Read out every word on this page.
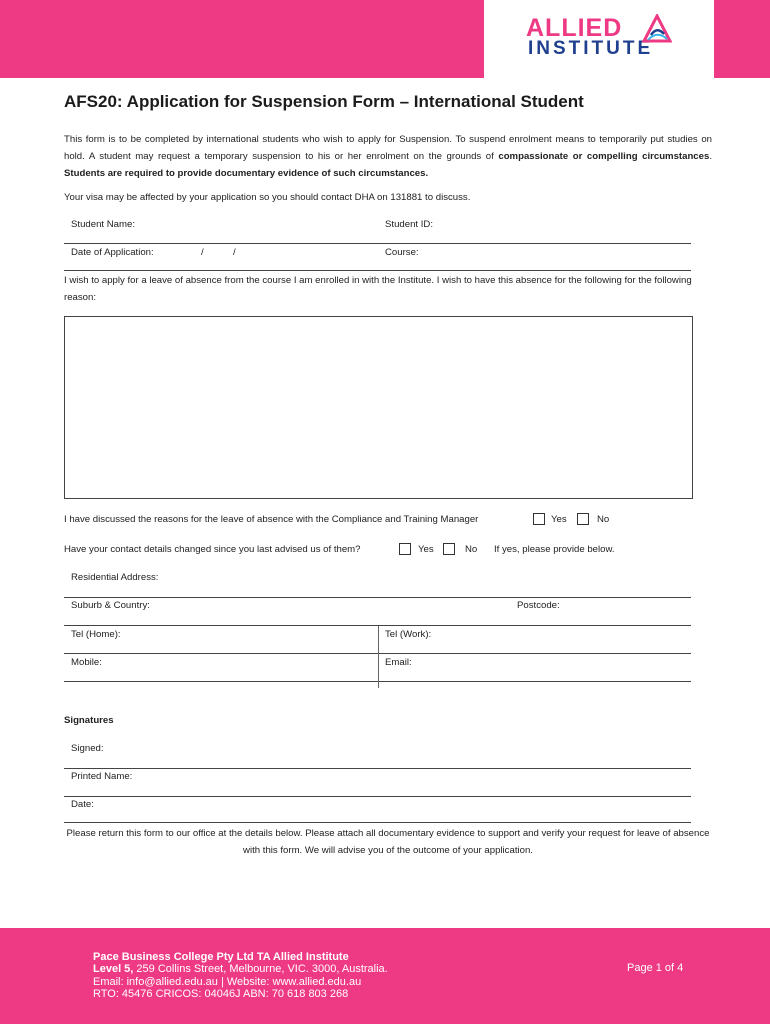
ALLIED
INSTITUTE
AFS20: Application for Suspension Form – International Student
This form is to be completed by international students who wish to apply for Suspension. To suspend enrolment means to temporarily put studies on hold. A student may request a temporary suspension to his or her enrolment on the grounds of compassionate or compelling circumstances. Students are required to provide documentary evidence of such circumstances.
Your visa may be affected by your application so you should contact DHA on 131881 to discuss.
Student Name:	Student ID:
Date of Application:	/	/	Course:
I wish to apply for a leave of absence from the course I am enrolled in with the Institute. I wish to have this absence for the following for the following reason:
I have discussed the reasons for the leave of absence with the Compliance and Training Manager	Yes	No
Have your contact details changed since you last advised us of them?	Yes	No If yes, please provide below.
Residential Address:
Suburb & Country:	Postcode:
Tel (Home):	Tel (Work):
Mobile:	Email:
Signatures
Signed:
Printed Name:
Date:
Please return this form to our office at the details below. Please attach all documentary evidence to support and verify your request for leave of absence with this form. We will advise you of the outcome of your application.
Pace Business College Pty Ltd TA Allied Institute
Level 5, 259 Collins Street, Melbourne, VIC. 3000, Australia.
Email: info@allied.edu.au | Website: www.allied.edu.au
RTO: 45476 CRICOS: 04046J ABN: 70 618 803 268
Page 1 of 4
